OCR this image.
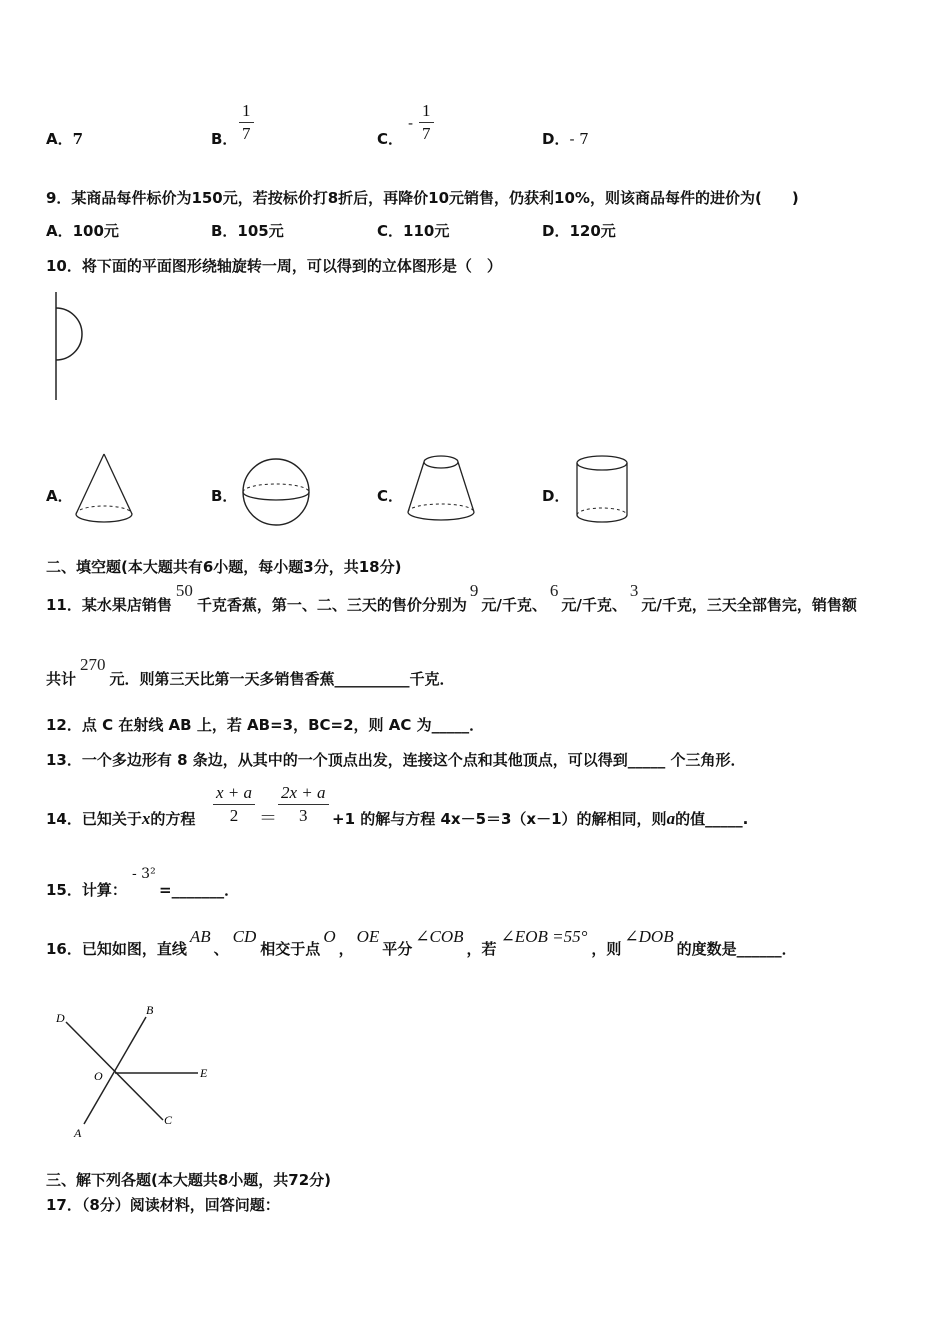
A．7	B． $\frac{1}{7}$	C．
- $\frac{1}{7}$	D．- 7
9．某商品每件标价为150元，若按标价打8折后，再降价10元销售，仍获利10%，则该商品每件的进价为(　　)
A．100元	B．105元	C．110元	D．120元
10．将下面的平面图形绕轴旋转一周，可以得到的立体图形是（　）
A．	B．	C．	D．
二、填空题(本大题共有6小题，每小题3分，共18分)
11．某水果店销售50千克香蕉，第一、二、三天的售价分别为9元/千克、6元/千克、3元/千克，三天全部售完，销售额
共计270元．则第三天比第一天多销售香蕉__________千克．
12．点 C 在射线 AB 上，若 AB=3，BC=2，则 AC 为_____．
13．一个多边形有 8 条边，从其中的一个顶点出发，连接这个点和其他顶点，可以得到_____ 个三角形．
14．已知关于x的方程 $\frac{x + a}{2} = \frac{2x + a}{3} +1$ 的解与方程 4x－5＝3（x－1）的解相同，则a的值_____.
15．计算：
- 3²
=_______．
16．已知如图，直线AB、CD相交于点O，OE平分∠COB，若∠EOB =55°，则∠DOB的度数是______．
D
B
O	E
A
C
三、解下列各题(本大题共8小题，共72分)
17．（8分）阅读材料，回答问题：
